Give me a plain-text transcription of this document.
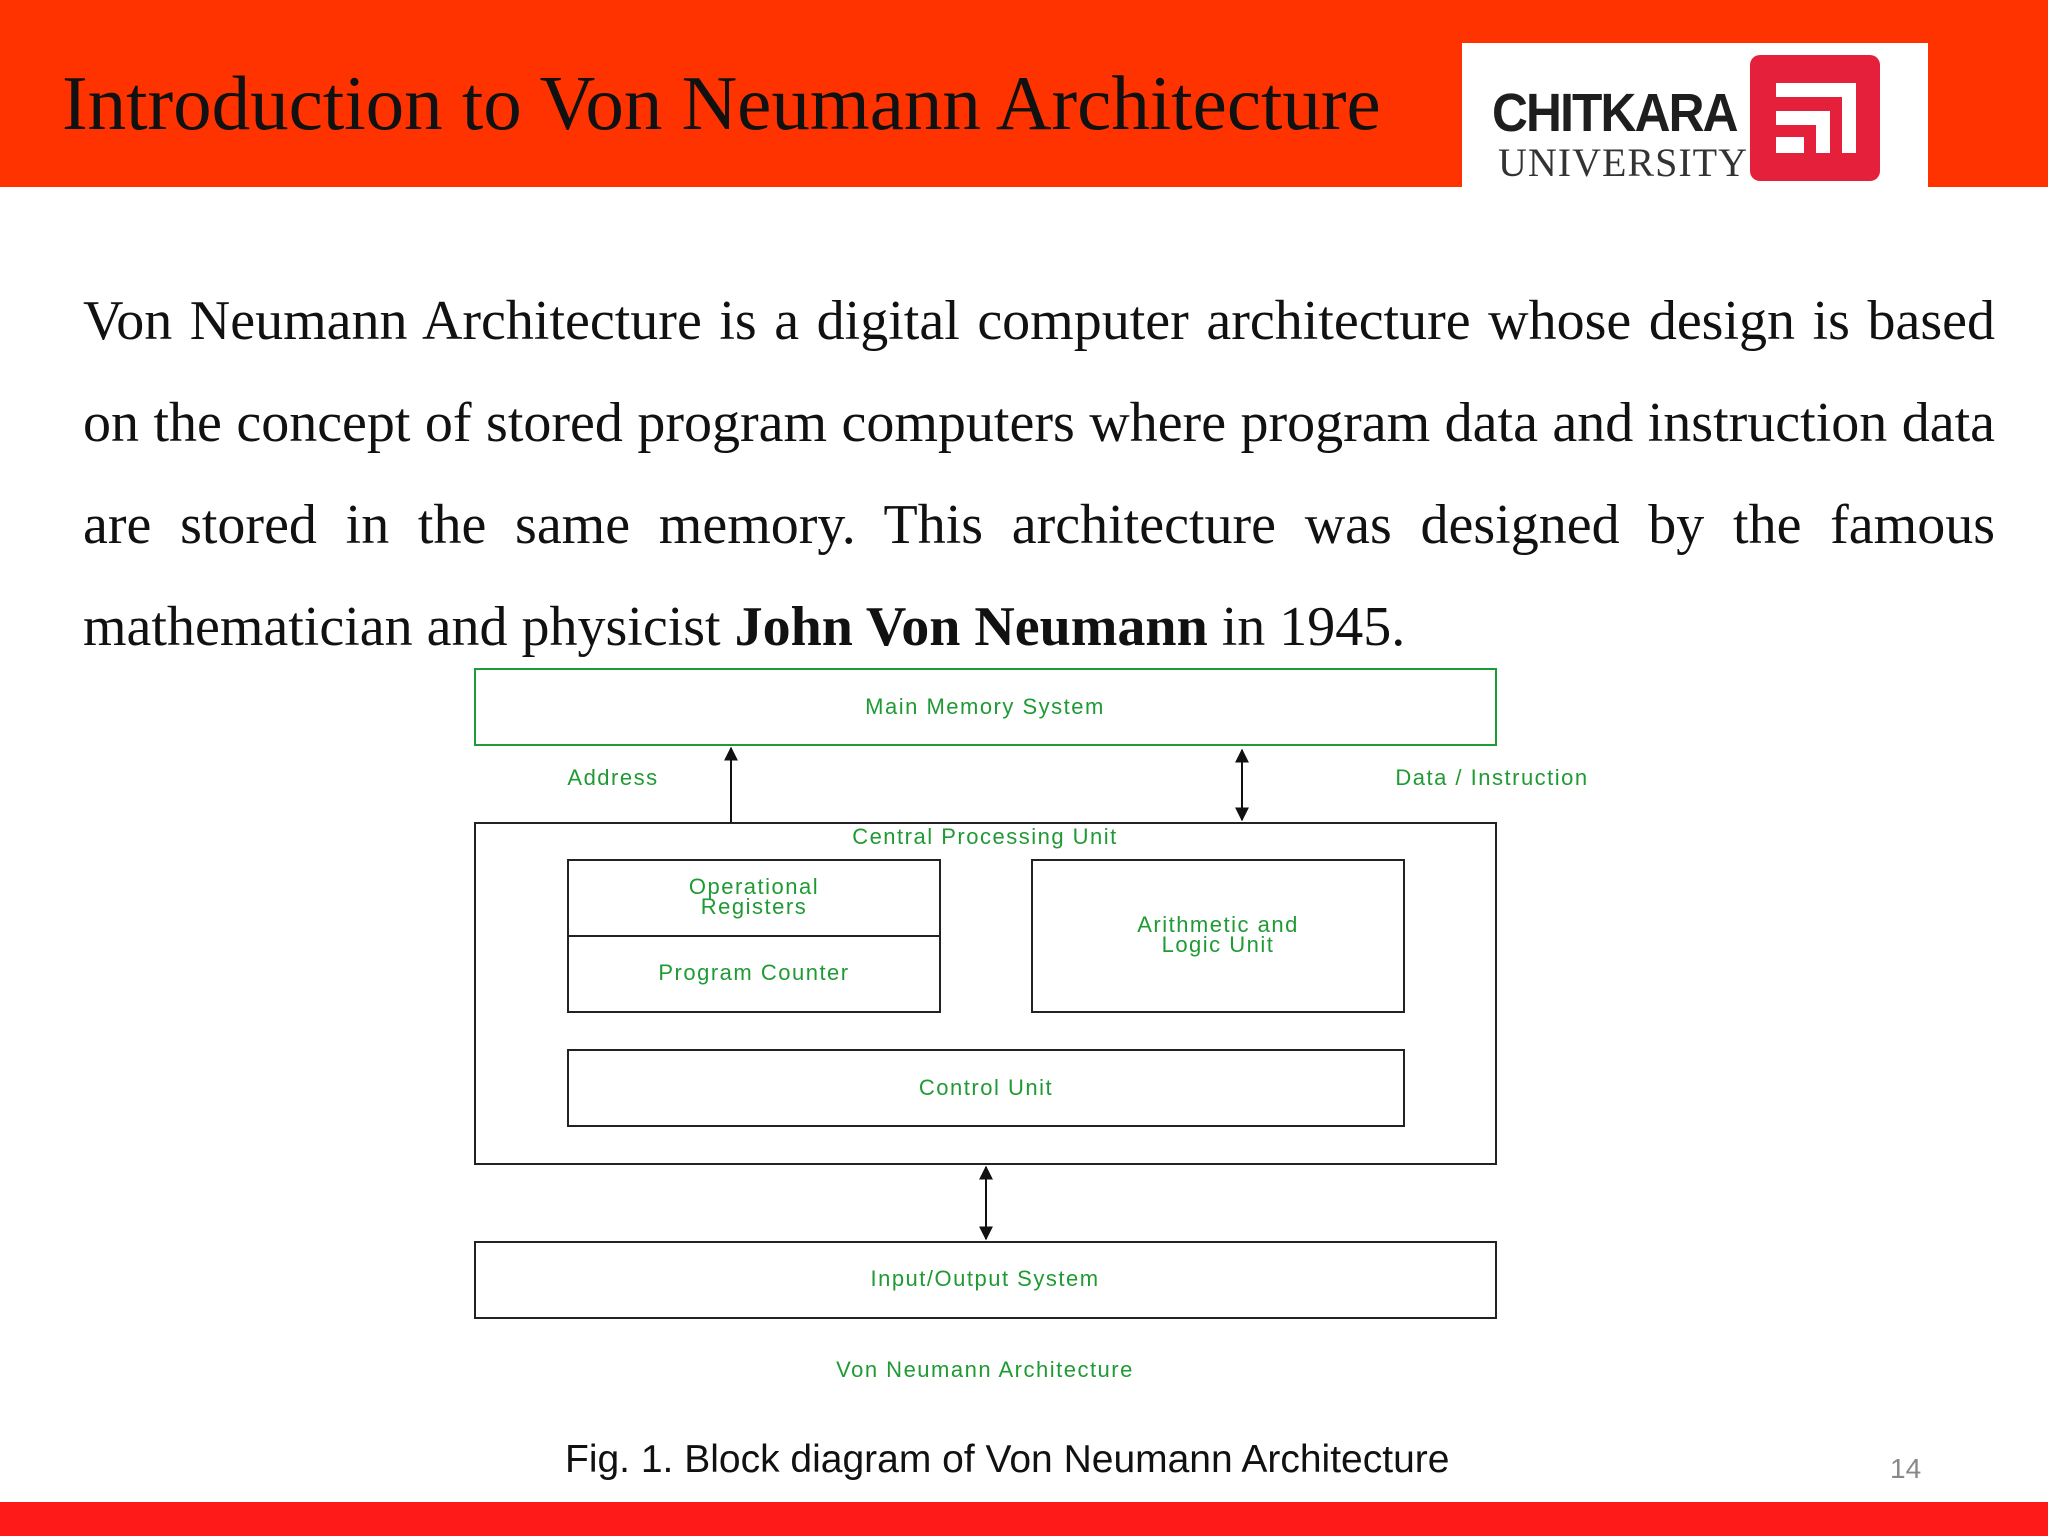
Introduction to Von Neumann Architecture CHITKARA
UNIVERSITY

Von Neumann Architecture is a digital computer architecture whose design is based on the concept of stored program computers where program data and instruction data are stored in the same memory. This architecture was designed by the famous mathematician and physicist John Von Neumann in 1945.

Main Memory System
Address	Data / Instruction
Central Processing Unit
Operational
Registers
Program Counter
Arithmetic and
Logic Unit
Control Unit
Input/Output System
Von Neumann Architecture
Fig. 1. Block diagram of Von Neumann Architecture	14
